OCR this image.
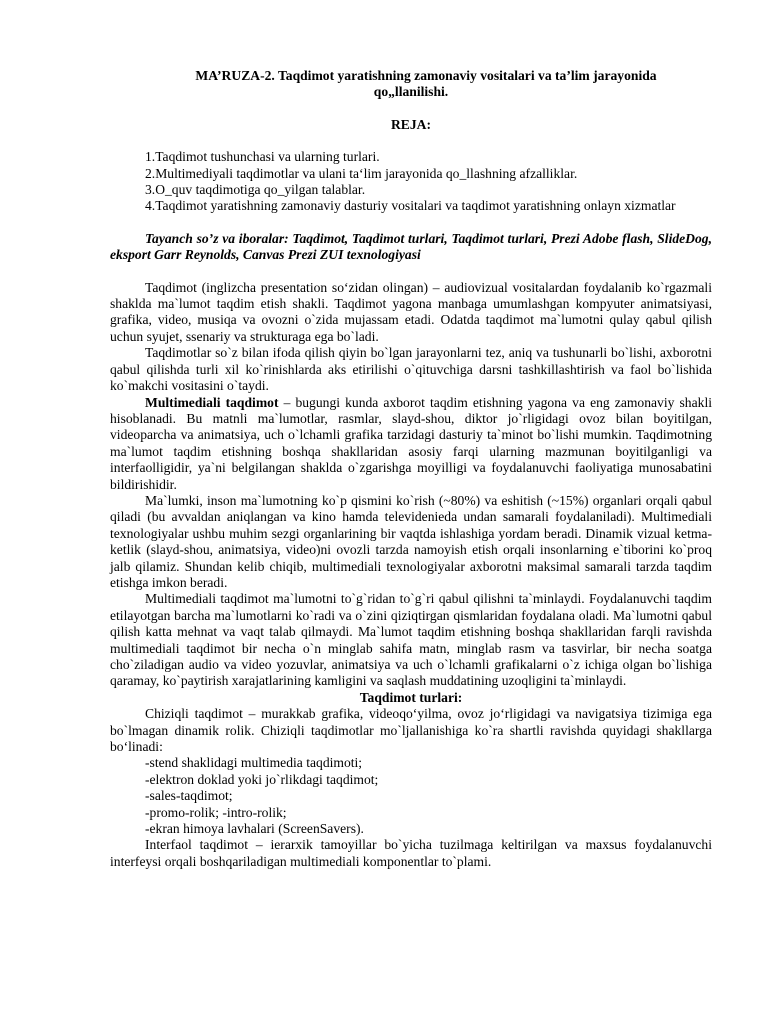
MA’RUZA-2. Taqdimot yaratishning zamonaviy vositalari va ta’lim jarayonida
qo„llanilishi.

REJA:

1.Taqdimot tushunchasi va ularning turlari.

2.Multimediyali taqdimotlar va ulani ta‘lim jarayonida qo_llashning afzalliklar.

3.O_quv taqdimotiga qo_yilgan talablar.

4.Taqdimot yaratishning zamonaviy dasturiy vositalari va taqdimot yaratishning onlayn xizmatlar

Tayanch so’z va iboralar: Taqdimot, Taqdimot turlari, Taqdimot turlari, Prezi Adobe flash, SlideDog, eksport Garr Reynolds, Canvas Prezi ZUI texnologiyasi

Taqdimot (inglizcha presentation so‘zidan olingan) – audiovizual vositalardan foydalanib ko`rgazmali shaklda ma`lumot taqdim etish shakli. Taqdimot yagona manbaga umumlashgan kompyuter animatsiyasi, grafika, video, musiqa va ovozni o`zida mujassam etadi. Odatda taqdimot ma`lumotni qulay qabul qilish uchun syujet, ssenariy va strukturaga ega bo`ladi.

Taqdimotlar so`z bilan ifoda qilish qiyin bo`lgan jarayonlarni tez, aniq va tushunarli bo`lishi, axborotni qabul qilishda turli xil ko`rinishlarda aks etirilishi o`qituvchiga darsni tashkillashtirish va faol bo`lishida ko`makchi vositasini o`taydi.

Multimediali taqdimot – bugungi kunda axborot taqdim etishning yagona va eng zamonaviy shakli hisoblanadi. Bu matnli ma`lumotlar, rasmlar, slayd-shou, diktor jo`rligidagi ovoz bilan boyitilgan, videoparcha va animatsiya, uch o`lchamli grafika tarzidagi dasturiy ta`minot bo`lishi mumkin. Taqdimotning ma`lumot taqdim etishning boshqa shakllaridan asosiy farqi ularning mazmunan boyitilganligi va interfaolligidir, ya`ni belgilangan shaklda o`zgarishga moyilligi va foydalanuvchi faoliyatiga munosabatini bildirishidir.

Ma`lumki, inson ma`lumotning ko`p qismini ko`rish (~80%) va eshitish (~15%) organlari orqali qabul qiladi (bu avvaldan aniqlangan va kino hamda televidenieda undan samarali foydalaniladi). Multimediali texnologiyalar ushbu muhim sezgi organlarining bir vaqtda ishlashiga yordam beradi. Dinamik vizual ketma-ketlik (slayd-shou, animatsiya, video)ni ovozli tarzda namoyish etish orqali insonlarning e`tiborini ko`proq jalb qilamiz. Shundan kelib chiqib, multimediali texnologiyalar axborotni maksimal samarali tarzda taqdim etishga imkon beradi.

Multimediali taqdimot ma`lumotni to`g`ridan to`g`ri qabul qilishni ta`minlaydi. Foydalanuvchi taqdim etilayotgan barcha ma`lumotlarni ko`radi va o`zini qiziqtirgan qismlaridan foydalana oladi. Ma`lumotni qabul qilish katta mehnat va vaqt talab qilmaydi. Ma`lumot taqdim etishning boshqa shakllaridan farqli ravishda multimediali taqdimot bir necha o`n minglab sahifa matn, minglab rasm va tasvirlar, bir necha soatga cho`ziladigan audio va video yozuvlar, animatsiya va uch o`lchamli grafikalarni o`z ichiga olgan bo`lishiga qaramay, ko`paytirish xarajatlarining kamligini va saqlash muddatining uzoqligini ta`minlaydi.

Taqdimot turlari:

Chiziqli taqdimot – murakkab grafika, videoqo‘yilma, ovoz jo‘rligidagi va navigatsiya tizimiga ega bo`lmagan dinamik rolik. Chiziqli taqdimotlar mo`ljallanishiga ko`ra shartli ravishda quyidagi shakllarga bo‘linadi:

-stend shaklidagi multimedia taqdimoti;

-elektron doklad yoki jo`rlikdagi taqdimot;

-sales-taqdimot;

-promo-rolik; -intro-rolik;

-ekran himoya lavhalari (ScreenSavers).

Interfaol taqdimot – ierarxik tamoyillar bo`yicha tuzilmaga keltirilgan va maxsus foydalanuvchi interfeysi orqali boshqariladigan multimediali komponentlar to`plami.
